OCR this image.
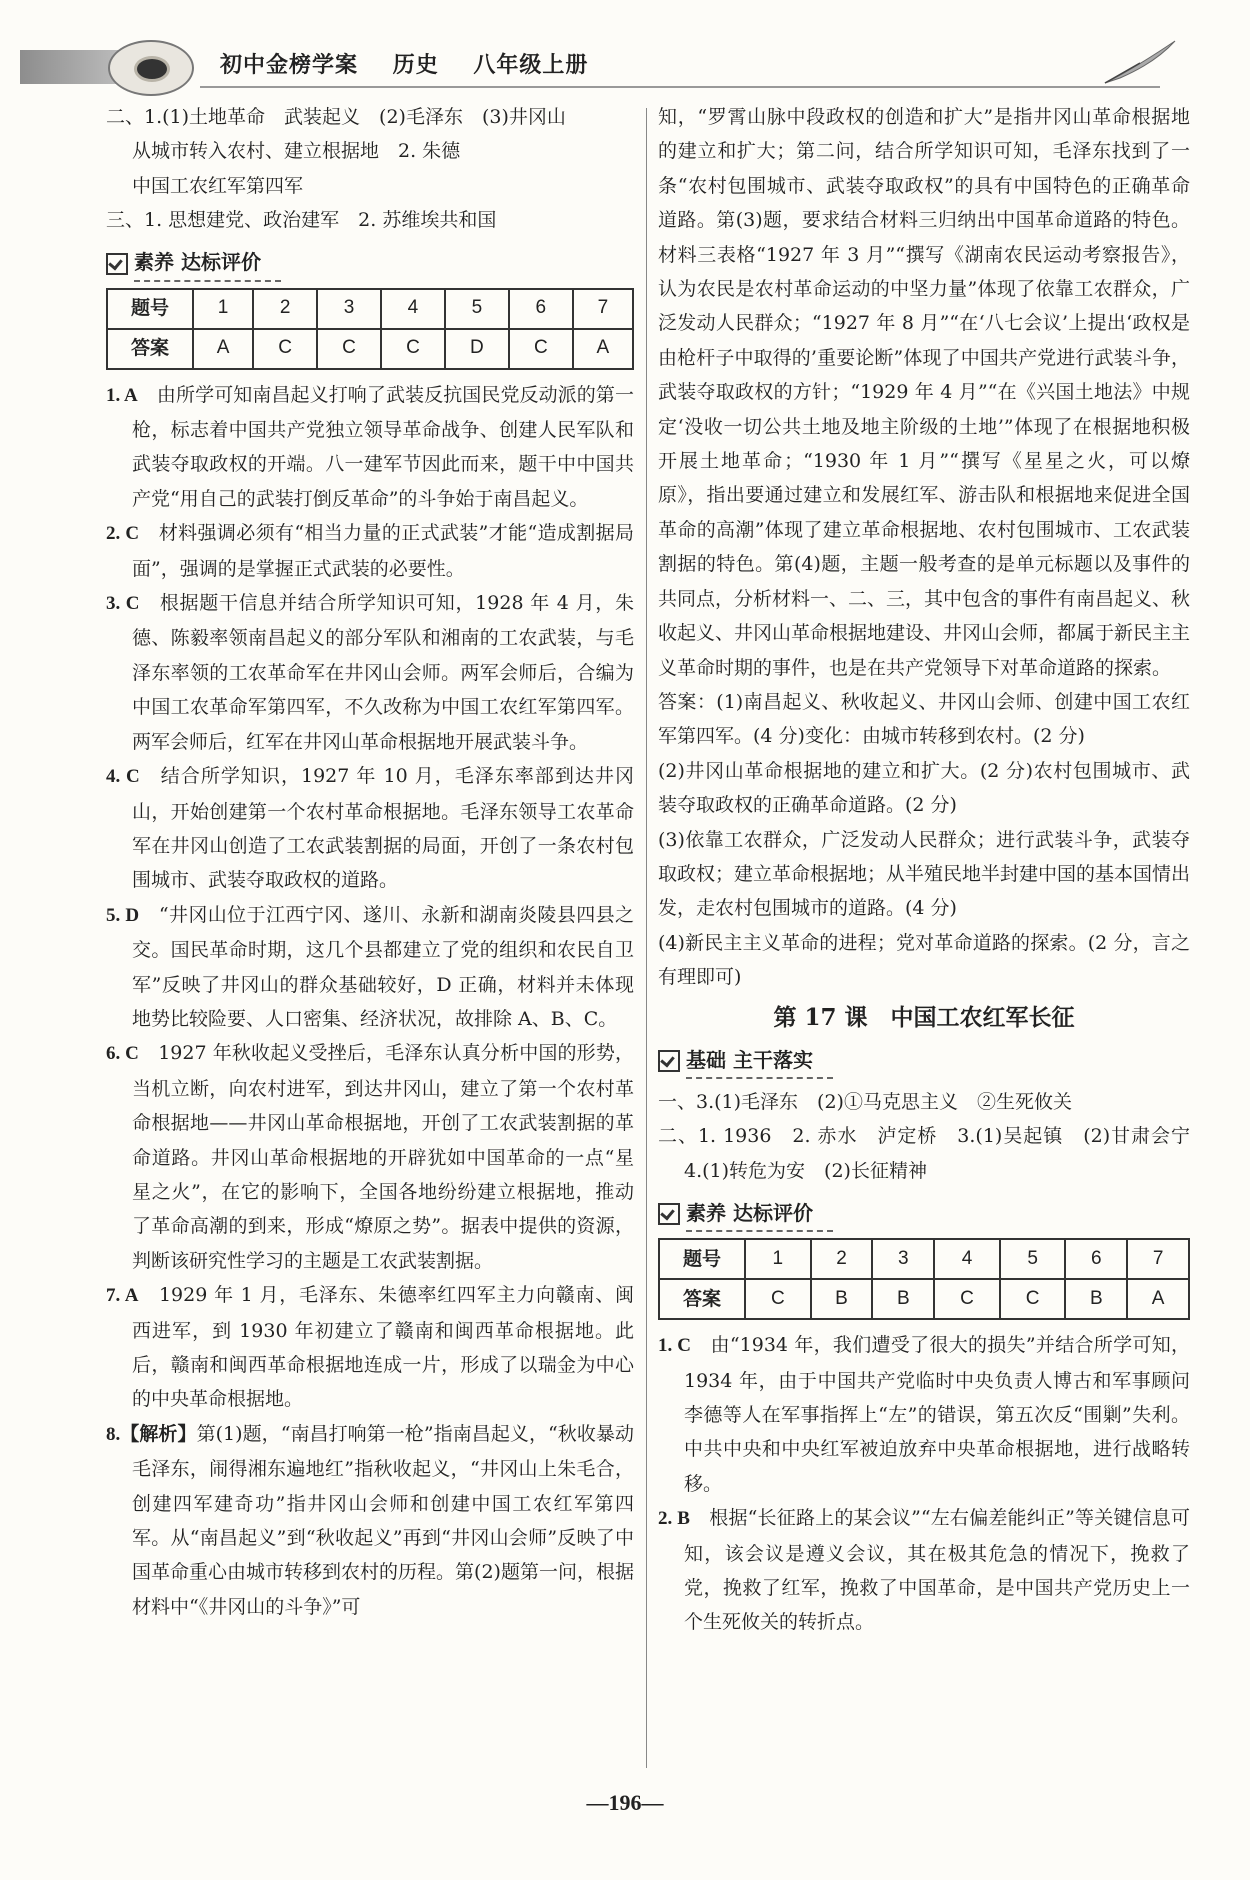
初中金榜学案 历史 八年级上册

二、1.(1)土地革命　武装起义　(2)毛泽东　(3)井冈山

从城市转入农村、建立根据地　2. 朱德

中国工农红军第四军

三、1. 思想建党、政治建军　2. 苏维埃共和国

素养 达标评价
题号	1	2	3	4	5	6	7
答案	A	C	C	C	D	C	A

1. A　由所学可知南昌起义打响了武装反抗国民党反动派的第一枪，标志着中国共产党独立领导革命战争、创建人民军队和武装夺取政权的开端。八一建军节因此而来，题干中中国共产党“用自己的武装打倒反革命”的斗争始于南昌起义。

2. C　材料强调必须有“相当力量的正式武装”才能“造成割据局面”，强调的是掌握正式武装的必要性。

3. C　根据题干信息并结合所学知识可知，1928 年 4 月，朱德、陈毅率领南昌起义的部分军队和湘南的工农武装，与毛泽东率领的工农革命军在井冈山会师。两军会师后，合编为中国工农革命军第四军，不久改称为中国工农红军第四军。两军会师后，红军在井冈山革命根据地开展武装斗争。

4. C　结合所学知识，1927 年 10 月，毛泽东率部到达井冈山，开始创建第一个农村革命根据地。毛泽东领导工农革命军在井冈山创造了工农武装割据的局面，开创了一条农村包围城市、武装夺取政权的道路。

5. D　“井冈山位于江西宁冈、遂川、永新和湖南炎陵县四县之交。国民革命时期，这几个县都建立了党的组织和农民自卫军”反映了井冈山的群众基础较好，D 正确，材料并未体现地势比较险要、人口密集、经济状况，故排除 A、B、C。

6. C　1927 年秋收起义受挫后，毛泽东认真分析中国的形势，当机立断，向农村进军，到达井冈山，建立了第一个农村革命根据地——井冈山革命根据地，开创了工农武装割据的革命道路。井冈山革命根据地的开辟犹如中国革命的一点“星星之火”，在它的影响下，全国各地纷纷建立根据地，推动了革命高潮的到来，形成“燎原之势”。据表中提供的资源，判断该研究性学习的主题是工农武装割据。

7. A　1929 年 1 月，毛泽东、朱德率红四军主力向赣南、闽西进军，到 1930 年初建立了赣南和闽西革命根据地。此后，赣南和闽西革命根据地连成一片，形成了以瑞金为中心的中央革命根据地。

8.【解析】第(1)题，“南昌打响第一枪”指南昌起义，“秋收暴动毛泽东，闹得湘东遍地红”指秋收起义，“井冈山上朱毛合，创建四军建奇功”指井冈山会师和创建中国工农红军第四军。从“南昌起义”到“秋收起义”再到“井冈山会师”反映了中国革命重心由城市转移到农村的历程。第(2)题第一问，根据材料中“《井冈山的斗争》”可

知，“罗霄山脉中段政权的创造和扩大”是指井冈山革命根据地的建立和扩大；第二问，结合所学知识可知，毛泽东找到了一条“农村包围城市、武装夺取政权”的具有中国特色的正确革命道路。第(3)题，要求结合材料三归纳出中国革命道路的特色。材料三表格“1927 年 3 月”“撰写《湖南农民运动考察报告》，认为农民是农村革命运动的中坚力量”体现了依靠工农群众，广泛发动人民群众；“1927 年 8 月”“在‘八七会议’上提出‘政权是由枪杆子中取得的’重要论断”体现了中国共产党进行武装斗争，武装夺取政权的方针；“1929 年 4 月”“在《兴国土地法》中规定‘没收一切公共土地及地主阶级的土地’”体现了在根据地积极开展土地革命；“1930 年 1 月”“撰写《星星之火，可以燎原》，指出要通过建立和发展红军、游击队和根据地来促进全国革命的高潮”体现了建立革命根据地、农村包围城市、工农武装割据的特色。第(4)题，主题一般考查的是单元标题以及事件的共同点，分析材料一、二、三，其中包含的事件有南昌起义、秋收起义、井冈山革命根据地建设、井冈山会师，都属于新民主主义革命时期的事件，也是在共产党领导下对革命道路的探索。

答案：(1)南昌起义、秋收起义、井冈山会师、创建中国工农红军第四军。(4 分)变化：由城市转移到农村。(2 分)

(2)井冈山革命根据地的建立和扩大。(2 分)农村包围城市、武装夺取政权的正确革命道路。(2 分)

(3)依靠工农群众，广泛发动人民群众；进行武装斗争，武装夺取政权；建立革命根据地；从半殖民地半封建中国的基本国情出发，走农村包围城市的道路。(4 分)

(4)新民主主义革命的进程；党对革命道路的探索。(2 分，言之有理即可)

第 17 课　中国工农红军长征
基础 主干落实

一、3.(1)毛泽东　(2)①马克思主义　②生死攸关

二、1. 1936　2. 赤水　泸定桥　3.(1)吴起镇　(2)甘肃会宁　4.(1)转危为安　(2)长征精神

素养 达标评价
题号	1	2	3	4	5	6	7
答案	C	B	B	C	C	B	A

1. C　由“1934 年，我们遭受了很大的损失”并结合所学可知，1934 年，由于中国共产党临时中央负责人博古和军事顾问李德等人在军事指挥上“左”的错误，第五次反“围剿”失利。中共中央和中央红军被迫放弃中央革命根据地，进行战略转移。

2. B　根据“长征路上的某会议”“左右偏差能纠正”等关键信息可知，该会议是遵义会议，其在极其危急的情况下，挽救了党，挽救了红军，挽救了中国革命，是中国共产党历史上一个生死攸关的转折点。

—196—
